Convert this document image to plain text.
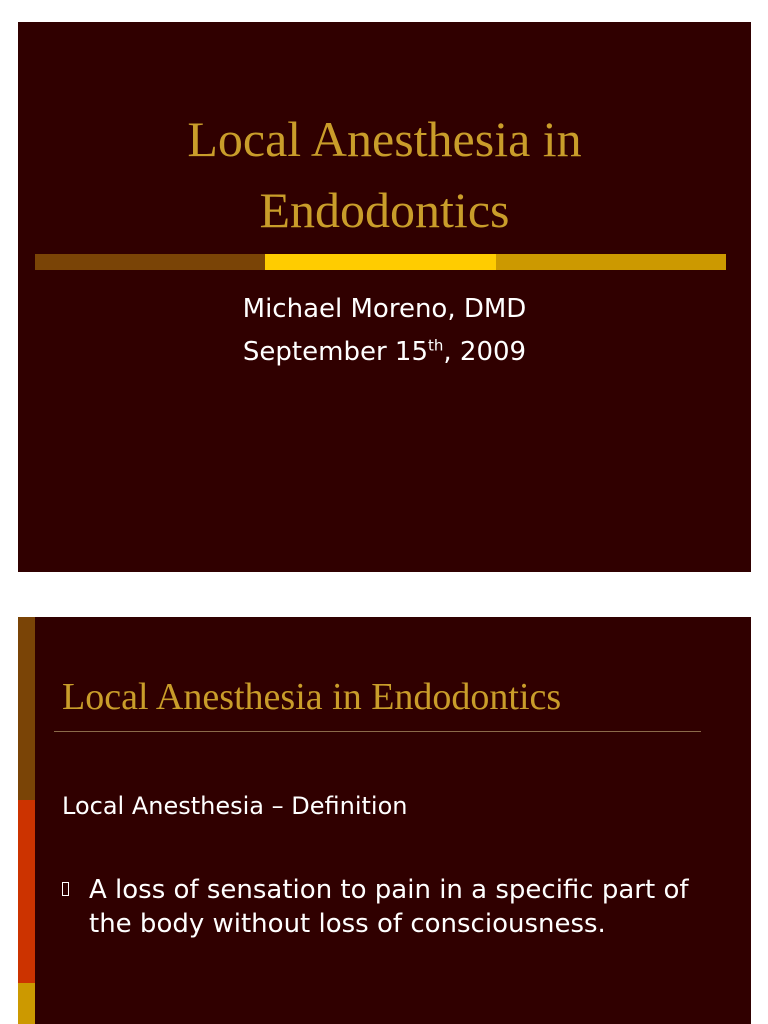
Local Anesthesia in
Endodontics
Michael Moreno, DMD
September 15th, 2009
Local Anesthesia in Endodontics
Local Anesthesia – Definition
A loss of sensation to pain in a specific part of the body without loss of consciousness.
